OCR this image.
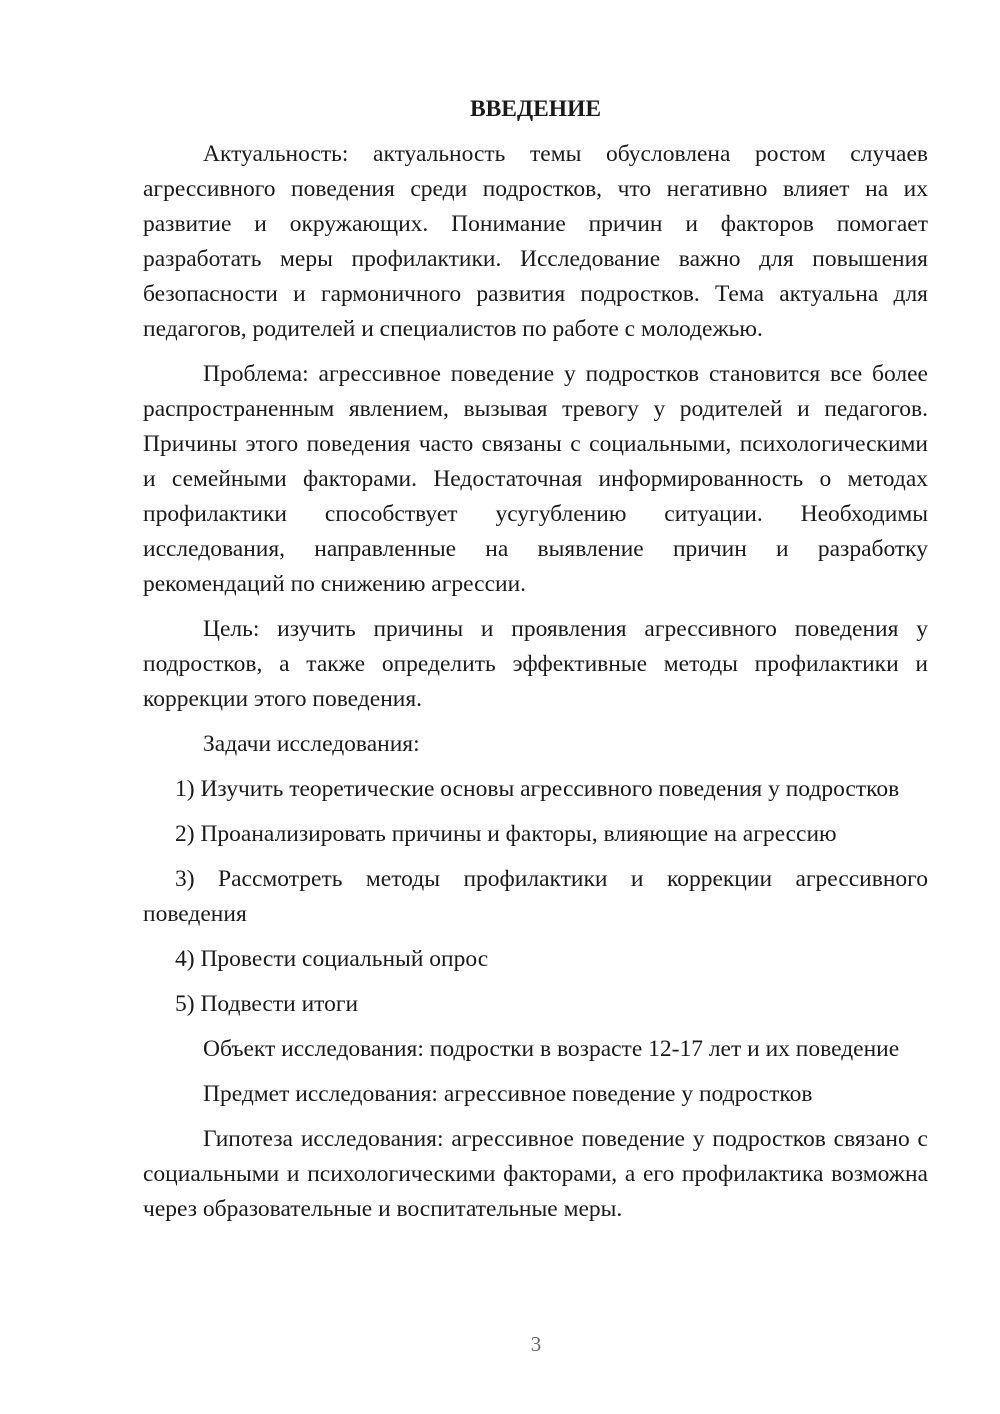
ВВЕДЕНИЕ

Актуальность: актуальность темы обусловлена ростом случаев агрессивного поведения среди подростков, что негативно влияет на их развитие и окружающих. Понимание причин и факторов помогает разработать меры профилактики. Исследование важно для повышения безопасности и гармоничного развития подростков. Тема актуальна для педагогов, родителей и специалистов по работе с молодежью.

Проблема: агрессивное поведение у подростков становится все более распространенным явлением, вызывая тревогу у родителей и педагогов. Причины этого поведения часто связаны с социальными, психологическими и семейными факторами. Недостаточная информированность о методах профилактики способствует усугублению ситуации. Необходимы исследования, направленные на выявление причин и разработку рекомендаций по снижению агрессии.

Цель: изучить причины и проявления агрессивного поведения у подростков, а также определить эффективные методы профилактики и коррекции этого поведения.

Задачи исследования:

1) Изучить теоретические основы агрессивного поведения у подростков

2) Проанализировать причины и факторы, влияющие на агрессию

3) Рассмотреть методы профилактики и коррекции агрессивного поведения

4) Провести социальный опрос

5) Подвести итоги

Объект исследования: подростки в возрасте 12-17 лет и их поведение

Предмет исследования: агрессивное поведение у подростков

Гипотеза исследования: агрессивное поведение у подростков связано с социальными и психологическими факторами, а его профилактика возможна через образовательные и воспитательные меры.

3
